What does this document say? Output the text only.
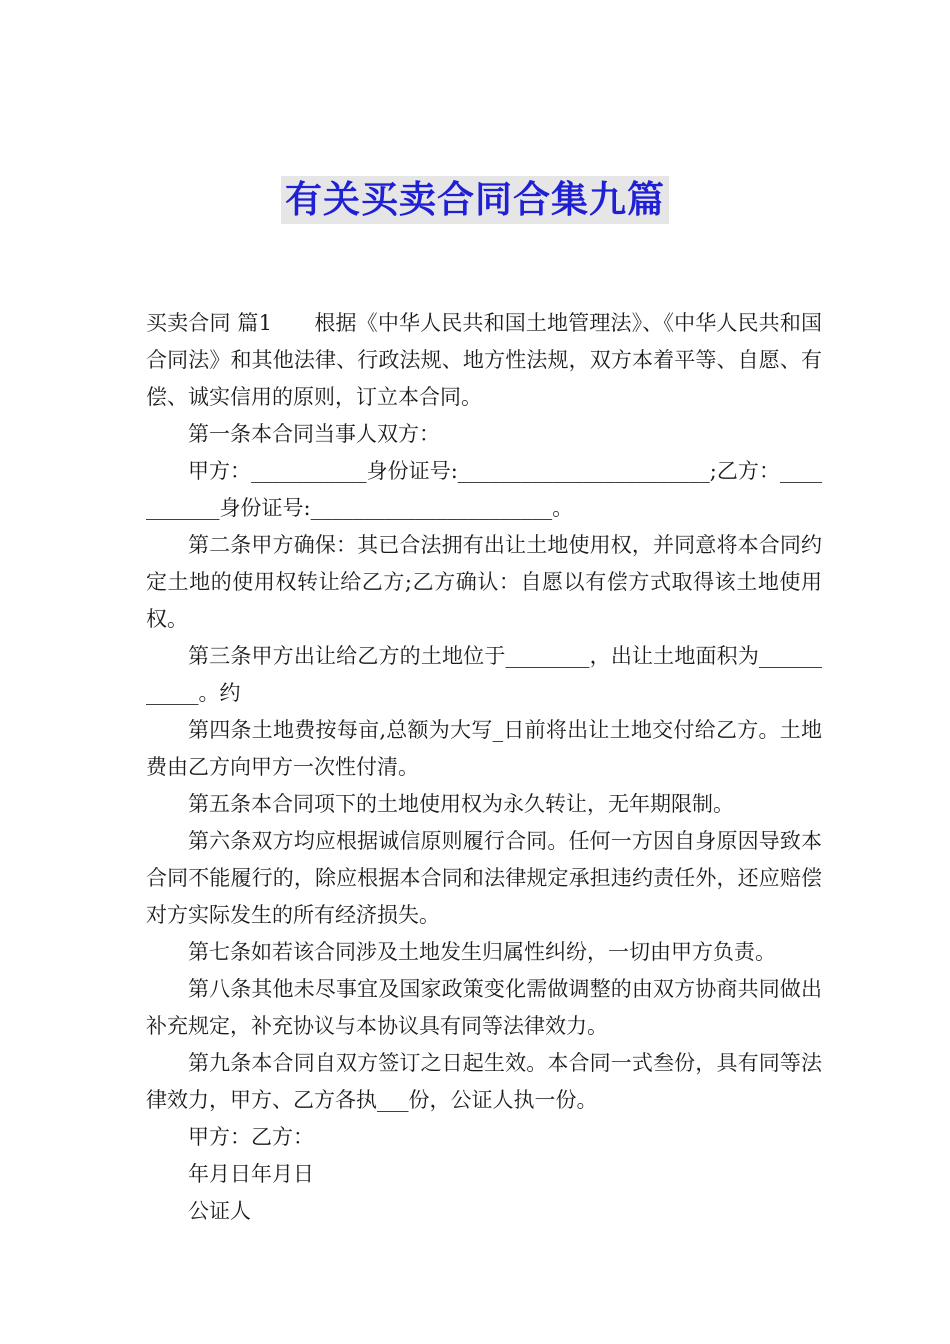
有关买卖合同合集九篇

买卖合同 篇1　　根据《中华人民共和国土地管理法》、《中华人民共和国合同法》和其他法律、行政法规、地方性法规，双方本着平等、自愿、有偿、诚实信用的原则，订立本合同。

第一条本合同当事人双方：

甲方：___________身份证号:________________________;乙方：___________身份证号:_______________________。

第二条甲方确保：其已合法拥有出让土地使用权，并同意将本合同约定土地的使用权转让给乙方;乙方确认：自愿以有偿方式取得该土地使用权。

第三条甲方出让给乙方的土地位于________，出让土地面积为___________。约

第四条土地费按每亩,总额为大写_日前将出让土地交付给乙方。土地费由乙方向甲方一次性付清。

第五条本合同项下的土地使用权为永久转让，无年期限制。

第六条双方均应根据诚信原则履行合同。任何一方因自身原因导致本合同不能履行的，除应根据本合同和法律规定承担违约责任外，还应赔偿对方实际发生的所有经济损失。

第七条如若该合同涉及土地发生归属性纠纷，一切由甲方负责。

第八条其他未尽事宜及国家政策变化需做调整的由双方协商共同做出补充规定，补充协议与本协议具有同等法律效力。

第九条本合同自双方签订之日起生效。本合同一式叁份，具有同等法律效力，甲方、乙方各执___份，公证人执一份。

甲方：乙方：

年月日年月日

公证人
